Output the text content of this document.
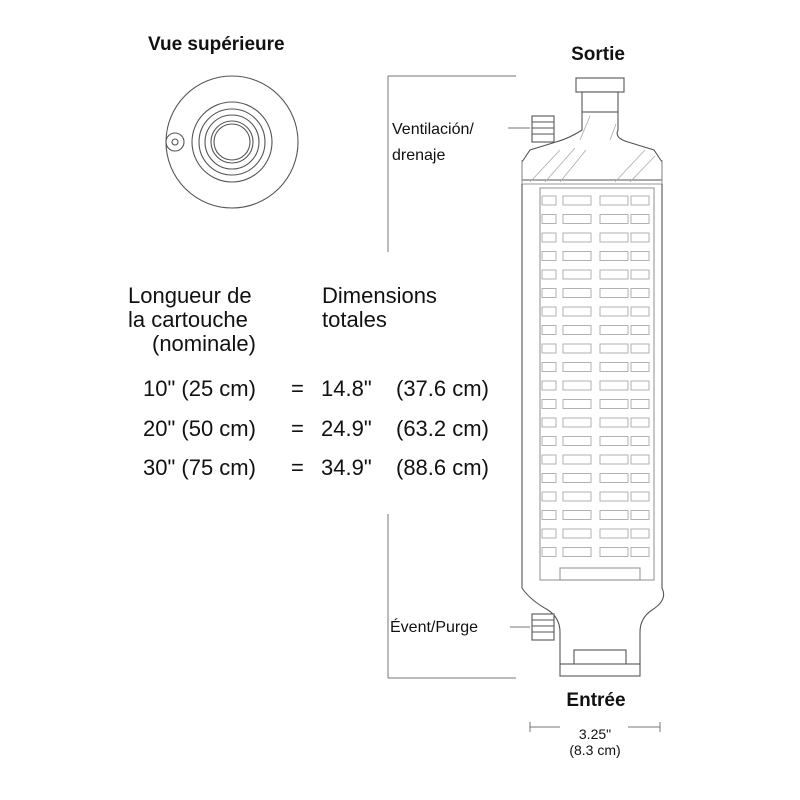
Vue supérieure	Sortie
Entrée
Ventilación/
drenaje
Évent/Purge
3.25"
(8.3 cm)
Longueur de
la cartouche
(nominale)
Dimensions
totales
10" (25 cm) = 14.8" (37.6 cm)
20" (50 cm) = 24.9" (63.2 cm)
30" (75 cm) = 34.9" (88.6 cm)
